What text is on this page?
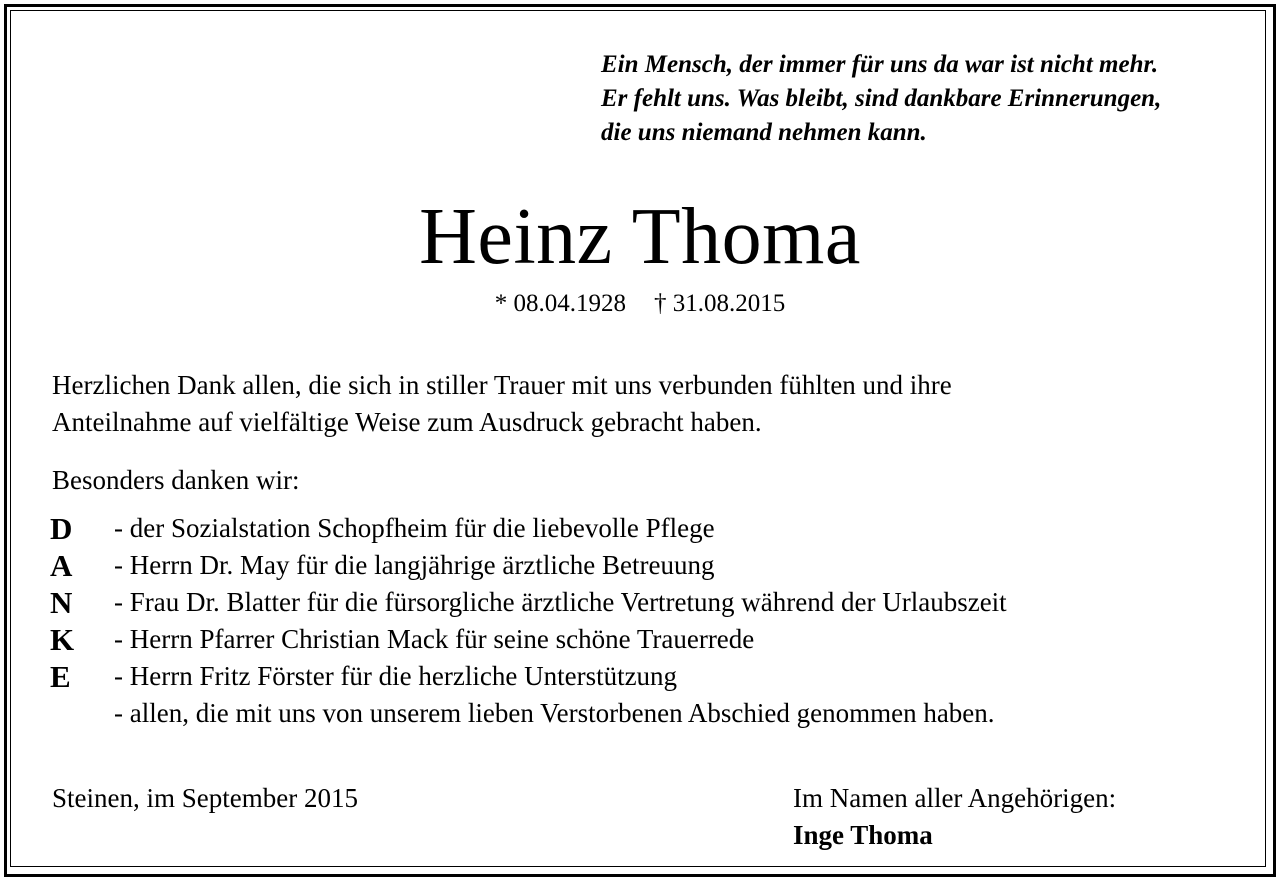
Ein Mensch, der immer für uns da war ist nicht mehr.
Er fehlt uns. Was bleibt, sind dankbare Erinnerungen,
die uns niemand nehmen kann.
Heinz Thoma
* 08.04.1928 † 31.08.2015
Herzlichen Dank allen, die sich in stiller Trauer mit uns verbunden fühlten und ihre
Anteilnahme auf vielfältige Weise zum Ausdruck gebracht haben.
Besonders danken wir:
D
A
N
K
E
- der Sozialstation Schopfheim für die liebevolle Pflege
- Herrn Dr. May für die langjährige ärztliche Betreuung
- Frau Dr. Blatter für die fürsorgliche ärztliche Vertretung während der Urlaubszeit
- Herrn Pfarrer Christian Mack für seine schöne Trauerrede
- Herrn Fritz Förster für die herzliche Unterstützung
- allen, die mit uns von unserem lieben Verstorbenen Abschied genommen haben.
Steinen, im September 2015	Im Namen aller Angehörigen:
Inge Thoma
